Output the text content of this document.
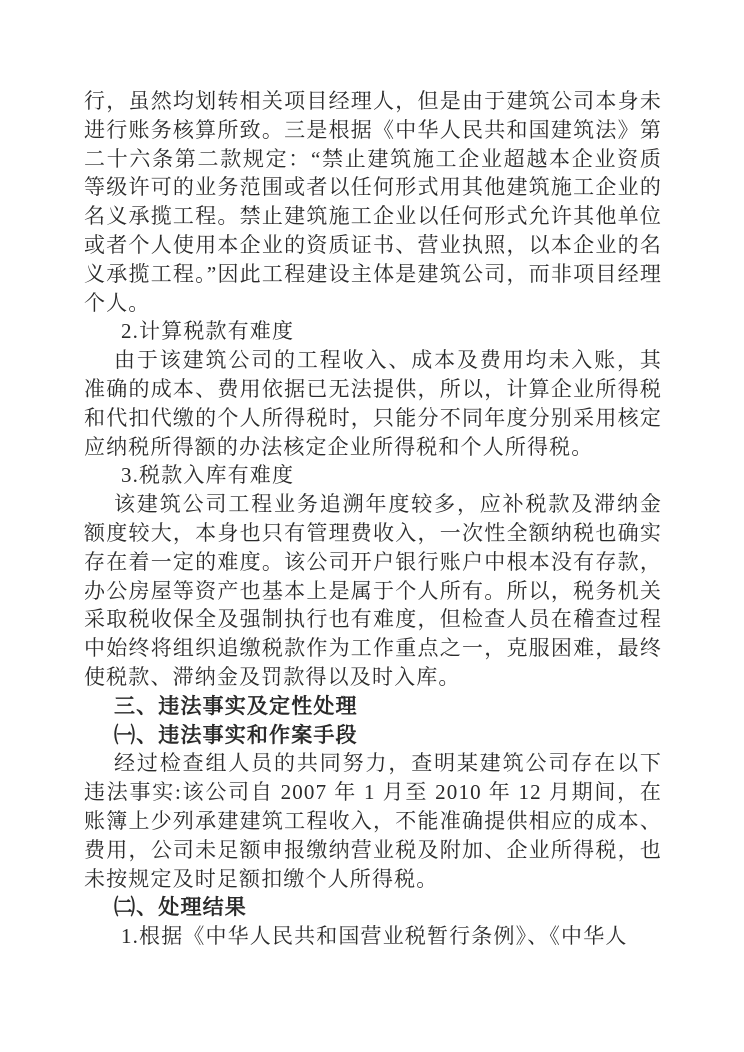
行，虽然均划转相关项目经理人，但是由于建筑公司本身未进行账务核算所致。三是根据《中华人民共和国建筑法》第二十六条第二款规定：“禁止建筑施工企业超越本企业资质等级许可的业务范围或者以任何形式用其他建筑施工企业的名义承揽工程。禁止建筑施工企业以任何形式允许其他单位或者个人使用本企业的资质证书、营业执照，以本企业的名义承揽工程。”因此工程建设主体是建筑公司，而非项目经理个人。

2.计算税款有难度

由于该建筑公司的工程收入、成本及费用均未入账，其准确的成本、费用依据已无法提供，所以，计算企业所得税和代扣代缴的个人所得税时，只能分不同年度分别采用核定应纳税所得额的办法核定企业所得税和个人所得税。

3.税款入库有难度

该建筑公司工程业务追溯年度较多，应补税款及滞纳金额度较大，本身也只有管理费收入，一次性全额纳税也确实存在着一定的难度。该公司开户银行账户中根本没有存款，办公房屋等资产也基本上是属于个人所有。所以，税务机关采取税收保全及强制执行也有难度，但检查人员在稽查过程中始终将组织追缴税款作为工作重点之一，克服困难，最终使税款、滞纳金及罚款得以及时入库。

三、违法事实及定性处理

㈠、违法事实和作案手段

经过检查组人员的共同努力，查明某建筑公司存在以下违法事实:该公司自 2007 年 1 月至 2010 年 12 月期间，在账簿上少列承建建筑工程收入，不能准确提供相应的成本、费用，公司未足额申报缴纳营业税及附加、企业所得税，也未按规定及时足额扣缴个人所得税。

㈡、处理结果

1.根据《中华人民共和国营业税暂行条例》、《中华人
